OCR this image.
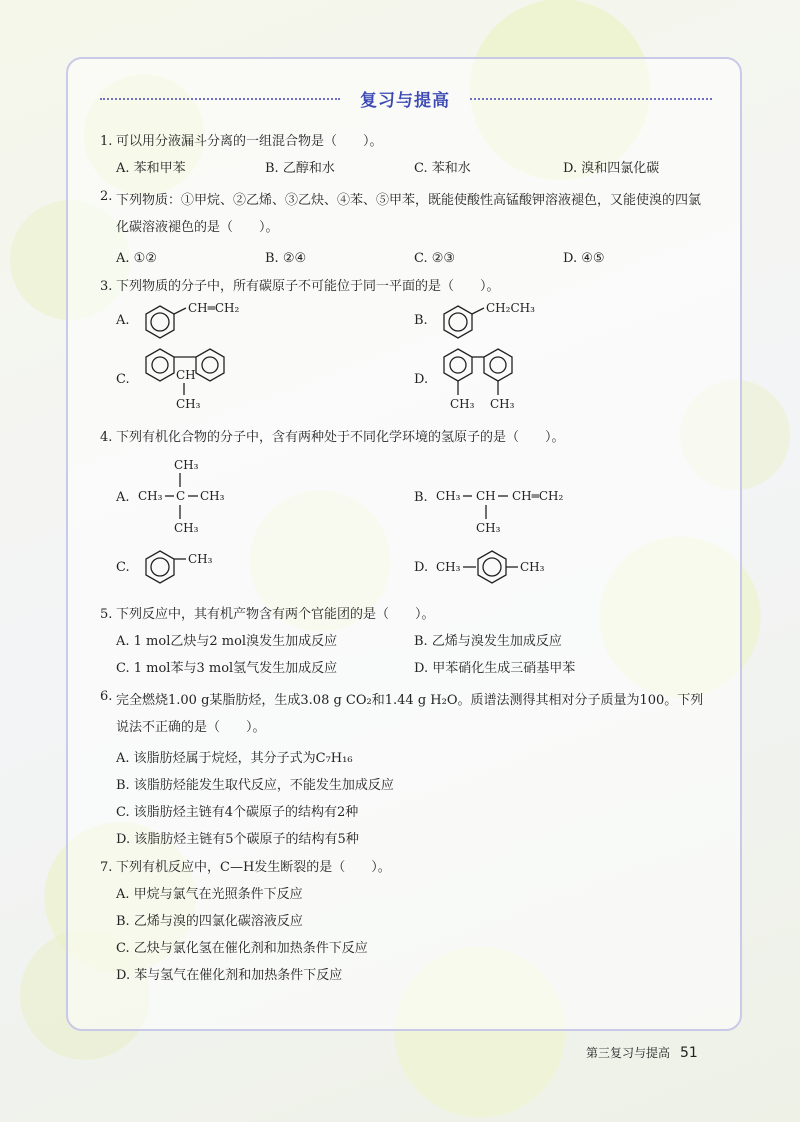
复习与提高
1. 可以用分液漏斗分离的一组混合物是（　　）。
A. 苯和甲苯	B. 乙醇和水	C. 苯和水	D. 溴和四氯化碳
2. 下列物质：①甲烷、②乙烯、③乙炔、④苯、⑤甲苯，既能使酸性高锰酸钾溶液褪色，又能使溴的四氯化碳溶液褪色的是（　　）。
A. ①②	B. ②④	C. ②③	D. ④⑤
3. 下列物质的分子中，所有碳原子不可能位于同一平面的是（　　）。
A.
CH═CH₂
B.
CH₂CH₃
C.	CH
CH₃
D.
CH₃ CH₃
4. 下列有机化合物的分子中，含有两种处于不同化学环境的氢原子的是（　　）。
A.
CH₃
CH₃ C CH₃
CH₃
B. CH₃ CH CH═CH₂
CH₃
C.
CH₃
D. CH₃	CH₃
5. 下列反应中，其有机产物含有两个官能团的是（　　）。
A. 1 mol乙炔与2 mol溴发生加成反应	B. 乙烯与溴发生加成反应
C. 1 mol苯与3 mol氢气发生加成反应	D. 甲苯硝化生成三硝基甲苯
6. 完全燃烧1.00 g某脂肪烃，生成3.08 g CO₂和1.44 g H₂O。质谱法测得其相对分子质量为100。下列说法不正确的是（　　）。
A. 该脂肪烃属于烷烃，其分子式为C₇H₁₆
B. 该脂肪烃能发生取代反应，不能发生加成反应
C. 该脂肪烃主链有4个碳原子的结构有2种
D. 该脂肪烃主链有5个碳原子的结构有5种
7. 下列有机反应中，C—H发生断裂的是（　　）。
A. 甲烷与氯气在光照条件下反应
B. 乙烯与溴的四氯化碳溶液反应
C. 乙炔与氯化氢在催化剂和加热条件下反应
D. 苯与氢气在催化剂和加热条件下反应
第三复习与提高 51
